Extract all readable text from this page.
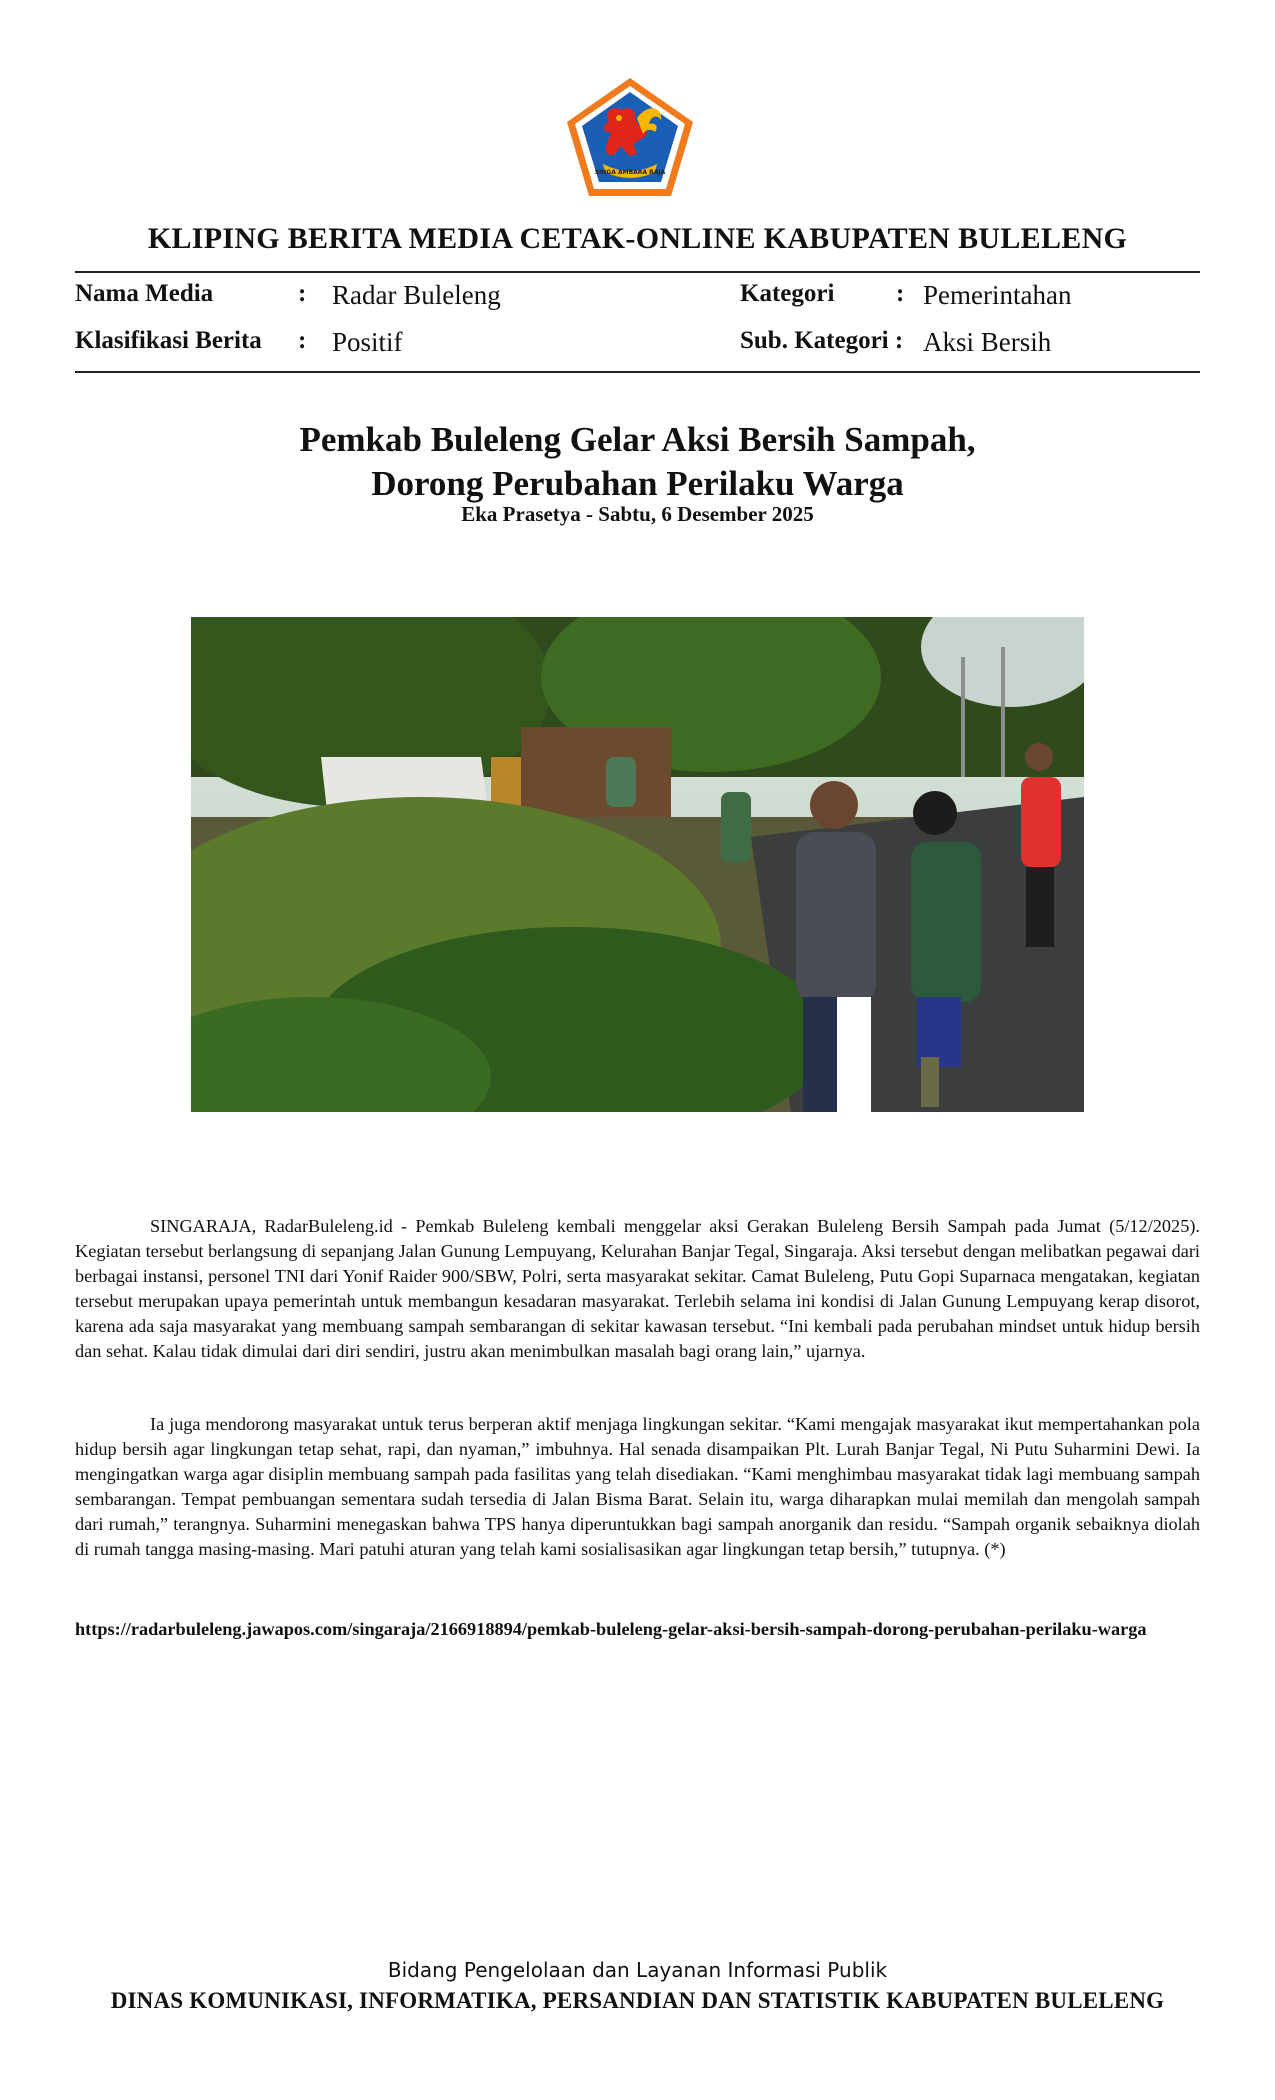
SINGA AMBARA RAJA
KLIPING BERITA MEDIA CETAK-ONLINE KABUPATEN BULELENG
Nama Media	: Radar Buleleng	Kategori : Pemerintahan
Klasifikasi Berita : Positif	Sub. Kategori : Aksi Bersih
Pemkab Buleleng Gelar Aksi Bersih Sampah,
Dorong Perubahan Perilaku Warga
Eka Prasetya - Sabtu, 6 Desember 2025

SINGARAJA, RadarBuleleng.id - Pemkab Buleleng kembali menggelar aksi Gerakan Buleleng Bersih Sampah pada Jumat (5/12/2025). Kegiatan tersebut berlangsung di sepanjang Jalan Gunung Lempuyang, Kelurahan Banjar Tegal, Singaraja. Aksi tersebut dengan melibatkan pegawai dari berbagai instansi, personel TNI dari Yonif Raider 900/SBW, Polri, serta masyarakat sekitar. Camat Buleleng, Putu Gopi Suparnaca mengatakan, kegiatan tersebut merupakan upaya pemerintah untuk membangun kesadaran masyarakat. Terlebih selama ini kondisi di Jalan Gunung Lempuyang kerap disorot, karena ada saja masyarakat yang membuang sampah sembarangan di sekitar kawasan tersebut. “Ini kembali pada perubahan mindset untuk hidup bersih dan sehat. Kalau tidak dimulai dari diri sendiri, justru akan menimbulkan masalah bagi orang lain,” ujarnya.

Ia juga mendorong masyarakat untuk terus berperan aktif menjaga lingkungan sekitar. “Kami mengajak masyarakat ikut mempertahankan pola hidup bersih agar lingkungan tetap sehat, rapi, dan nyaman,” imbuhnya. Hal senada disampaikan Plt. Lurah Banjar Tegal, Ni Putu Suharmini Dewi. Ia mengingatkan warga agar disiplin membuang sampah pada fasilitas yang telah disediakan. “Kami menghimbau masyarakat tidak lagi membuang sampah sembarangan. Tempat pembuangan sementara sudah tersedia di Jalan Bisma Barat. Selain itu, warga diharapkan mulai memilah dan mengolah sampah dari rumah,” terangnya. Suharmini menegaskan bahwa TPS hanya diperuntukkan bagi sampah anorganik dan residu. “Sampah organik sebaiknya diolah di rumah tangga masing-masing. Mari patuhi aturan yang telah kami sosialisasikan agar lingkungan tetap bersih,” tutupnya. (*)

https://radarbuleleng.jawapos.com/singaraja/2166918894/pemkab-buleleng-gelar-aksi-bersih-sampah-dorong-perubahan-perilaku-warga
Bidang Pengelolaan dan Layanan Informasi Publik
DINAS KOMUNIKASI, INFORMATIKA, PERSANDIAN DAN STATISTIK KABUPATEN BULELENG
